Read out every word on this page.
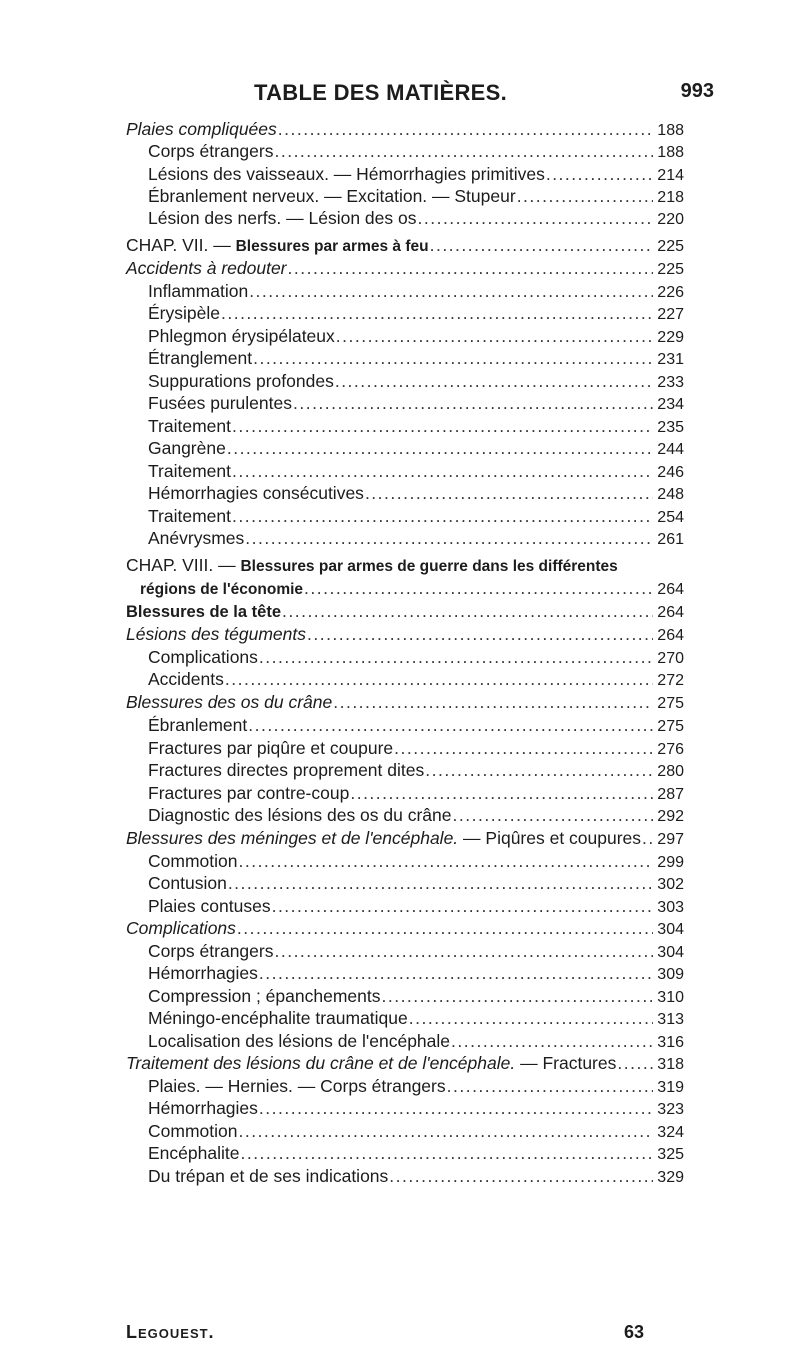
TABLE DES MATIÈRES.	993
Plaies compliquées .....	188
Corps étrangers .....	188
Lésions des vaisseaux. — Hémorrhagies primitives .....	214
Ébranlement nerveux. — Excitation. — Stupeur .....	218
Lésion des nerfs. — Lésion des os .....	220
CHAP. VII. — Blessures par armes à feu .....	225
Accidents à redouter .....	225
Inflammation .....	226
Érysipèle .....	227
Phlegmon érysipélateux .....	229
Étranglement .....	231
Suppurations profondes .....	233
Fusées purulentes .....	234
Traitement .....	235
Gangrène .....	244
Traitement .....	246
Hémorrhagies consécutives .....	248
Traitement .....	254
Anévrysmes .....	261
CHAP. VIII. — Blessures par armes de guerre dans les différentes
régions de l'économie .....	264
Blessures de la tête .....	264
Lésions des téguments .....	264
Complications .....	270
Accidents .....	272
Blessures des os du crâne .....	275
Ébranlement .....	275
Fractures par piqûre et coupure .....	276
Fractures directes proprement dites .....	280
Fractures par contre-coup .....	287
Diagnostic des lésions des os du crâne .....	292
Blessures des méninges et de l'encéphale. — Piqûres et coupures ..... 297
Commotion .....	299
Contusion .....	302
Plaies contuses .....	303
Complications .....	304
Corps étrangers .....	304
Hémorrhagies .....	309
Compression ; épanchements .....	310
Méningo-encéphalite traumatique .....	313
Localisation des lésions de l'encéphale .....	316
Traitement des lésions du crâne et de l'encéphale. — Fractures .....	318
Plaies. — Hernies. — Corps étrangers .....	319
Hémorrhagies .....	323
Commotion .....	324
Encéphalite .....	325
Du trépan et de ses indications .....	329
Legouest.	63
